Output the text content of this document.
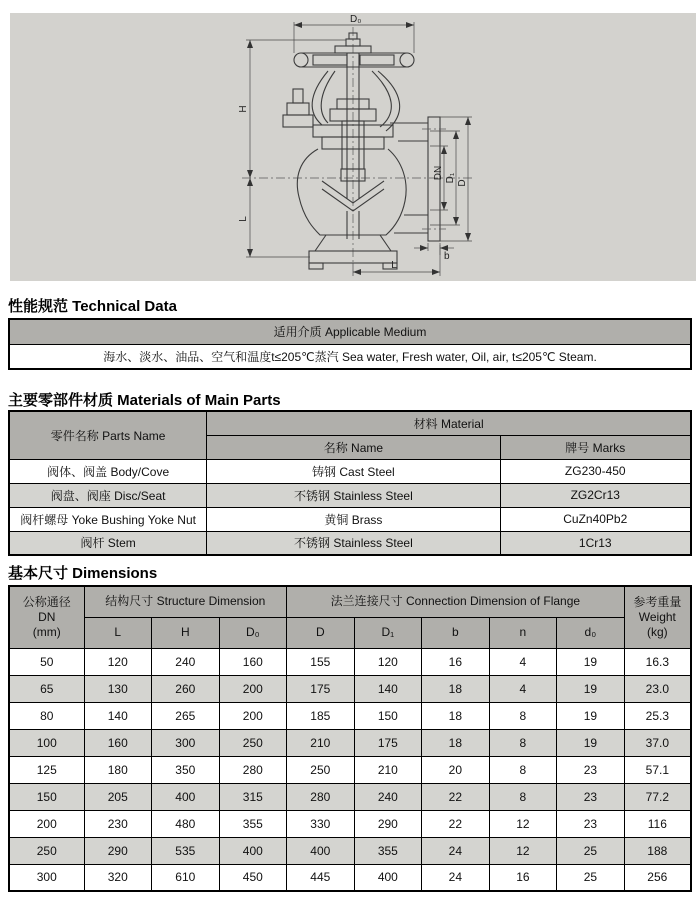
D₀
H
L
DN D₁ D
b
L
性能规范 Technical Data
适用介质 Applicable Medium
海水、淡水、油品、空气和温度t≤205℃蒸汽 Sea water, Fresh water, Oil, air, t≤205℃ Steam.
主要零部件材质 Materials of Main Parts
零件名称 Parts Name	材料 Material	
	名称 Name	牌号 Marks
阀体、阀盖 Body/Cove	铸钢 Cast Steel	ZG230-450
阀盘、阀座 Disc/Seat	不锈钢 Stainless Steel	ZG2Cr13
阀杆螺母 Yoke Bushing Yoke Nut	黄铜 Brass	CuZn40Pb2
阀杆 Stem	不锈钢 Stainless Steel	1Cr13
基本尺寸 Dimensions
公称通径
DN
(mm)
	结构尺寸 Structure Dimension	法兰连接尺寸 Connection Dimension of Flange	参考重量
Weight
(kg)

	L	H	D₀	D	D₁	b	n	d₀	
50	120	240	160	155	120	16	4	19	16.3
65	130	260	200	175	140	18	4	19	23.0
80	140	265	200	185	150	18	8	19	25.3
100	160	300	250	210	175	18	8	19	37.0
125	180	350	280	250	210	20	8	23	57.1
150	205	400	315	280	240	22	8	23	77.2
200	230	480	355	330	290	22	12	23	116
250	290	535	400	400	355	24	12	25	188
300	320	610	450	445	400	24	16	25	256
